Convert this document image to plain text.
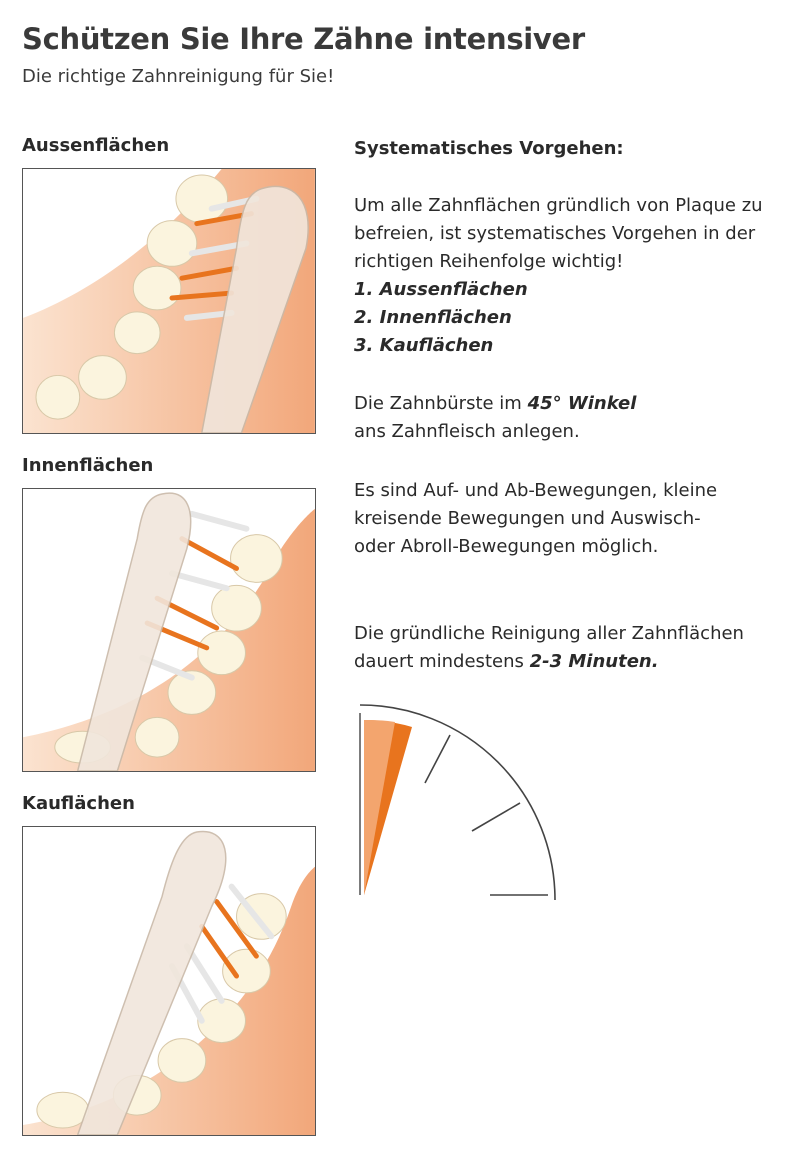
Schützen Sie Ihre Zähne intensiver
Die richtige Zahnreinigung für Sie!
Aussenflächen
Innenflächen
Kauflächen
Systematisches Vorgehen:

Um alle Zahnflächen gründlich von Plaque zu befreien, ist systematisches Vorgehen in der richtigen Reihenfolge wichtig!
1. Aussenflächen
2. Innenflächen
3. Kauflächen

Die Zahnbürste im 45° Winkel
ans Zahnfleisch anlegen.

Es sind Auf- und Ab-Bewegungen, kleine kreisende Bewegungen und Auswisch- oder Abroll-Bewegungen möglich.

Die gründliche Reinigung aller Zahnflächen dauert mindestens 2-3 Minuten.
